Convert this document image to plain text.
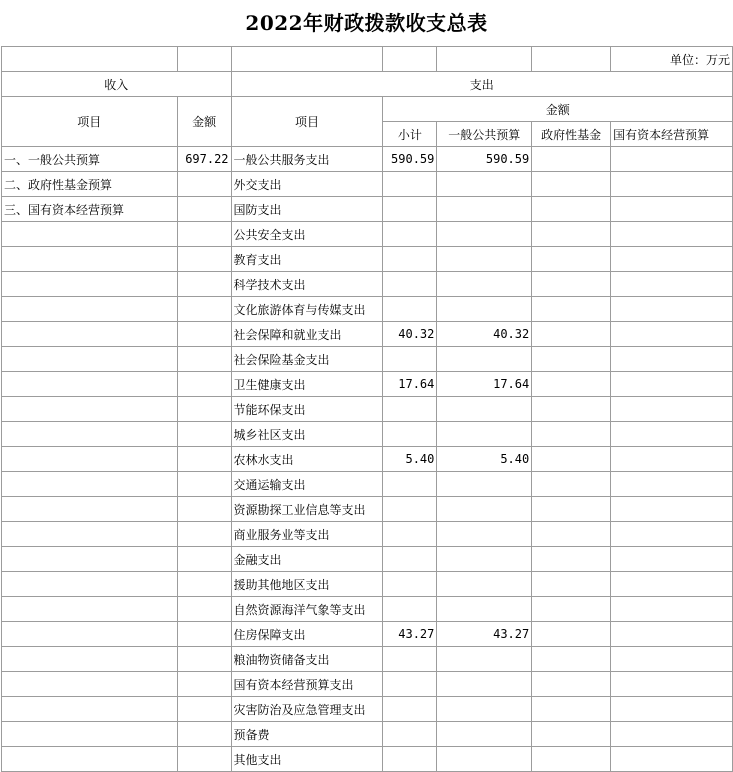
2022年财政拨款收支总表
						单位：万元
收入		支出				
项目	金额	项目	金额			
			小计	一般公共预算	政府性基金	国有资本经营预算
一、一般公共预算	697.22	一般公共服务支出	590.59	590.59		
二、政府性基金预算		外交支出				
三、国有资本经营预算		国防支出				
		公共安全支出				
		教育支出				
		科学技术支出				
		文化旅游体育与传媒支出				
		社会保障和就业支出	40.32	40.32		
		社会保险基金支出				
		卫生健康支出	17.64	17.64		
		节能环保支出				
		城乡社区支出				
		农林水支出	5.40	5.40		
		交通运输支出				
		资源勘探工业信息等支出				
		商业服务业等支出				
		金融支出				
		援助其他地区支出				
		自然资源海洋气象等支出				
		住房保障支出	43.27	43.27		
		粮油物资储备支出				
		国有资本经营预算支出				
		灾害防治及应急管理支出				
		预备费				
		其他支出				
